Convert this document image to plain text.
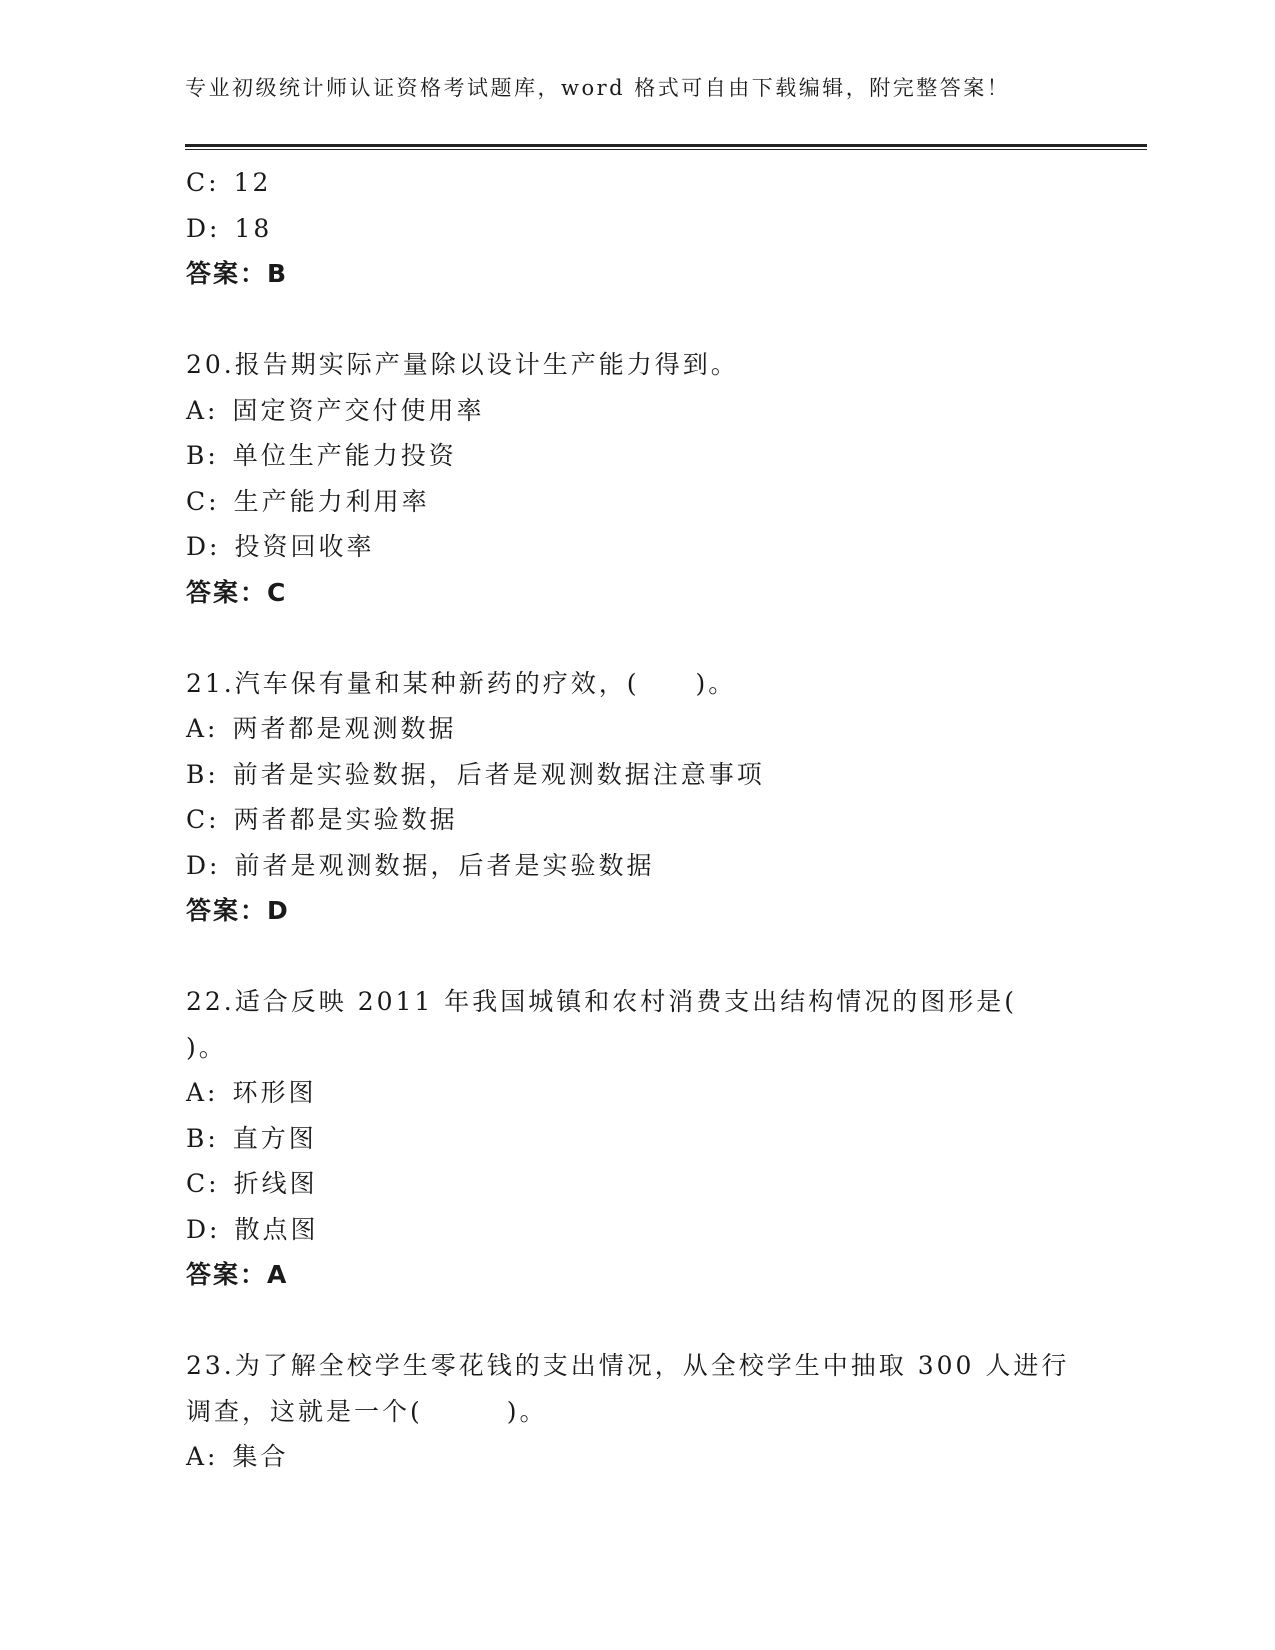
专业初级统计师认证资格考试题库，word 格式可自由下载编辑，附完整答案！
C: 12
D: 18
答案：B
20.报告期实际产量除以设计生产能力得到。
A: 固定资产交付使用率
B: 单位生产能力投资
C: 生产能力利用率
D: 投资回收率
答案：C
21.汽车保有量和某种新药的疗效，(　　)。
A: 两者都是观测数据
B: 前者是实验数据，后者是观测数据注意事项
C: 两者都是实验数据
D: 前者是观测数据，后者是实验数据
答案：D
22.适合反映 2011 年我国城镇和农村消费支出结构情况的图形是(
)。
A: 环形图
B: 直方图
C: 折线图
D: 散点图
答案：A
23.为了解全校学生零花钱的支出情况，从全校学生中抽取 300 人进行
调查，这就是一个(　　　)。
A: 集合
